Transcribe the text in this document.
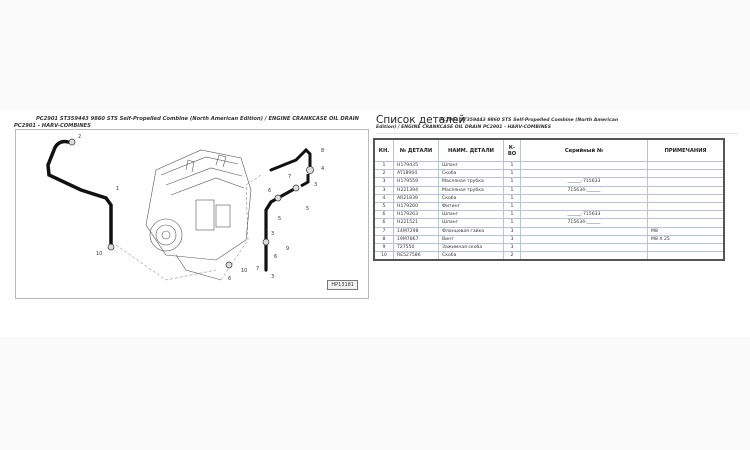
PC2901 ST359443 9860 STS Self-Propelled Combine (North American Edition) / ENGINE CRANKCASE OIL DRAIN PC2901 - HARV-COMBINES
2
1
10
8
4
3
7
6
5
5
3
9
6
7
3
10
6
HP13181
Список деталей
PC2901 ST359443 9860 STS Self-Propelled Combine (North American
Edition) / ENGINE CRANKCASE OIL DRAIN PC2901 - HARV-COMBINES
КН.	№ ДЕТАЛИ	НАИМ. ДЕТАЛИ	К-ВО	Серийный №	ПРИМЕЧАНИЯ
1	H179435	Шланг	1		
2	AT18904	Скоба	1		
3	H179559	Масляная трубка	1	______-715633	
3	H221394	Масляная трубка	1	715634-______	
4	AR21839	Скоба	1		
5	H179260	Фитинг	1		
6	H179263	Шланг	1	______-715633	
6	H221521	Шланг	1	715634-______	
7	14M7298	Фланцевая гайка	3		M8
8	19M7867	Винт	3		M8 X 25
9	T27550	Зажимная скоба	3		
10	RE527586	Скоба	2		
